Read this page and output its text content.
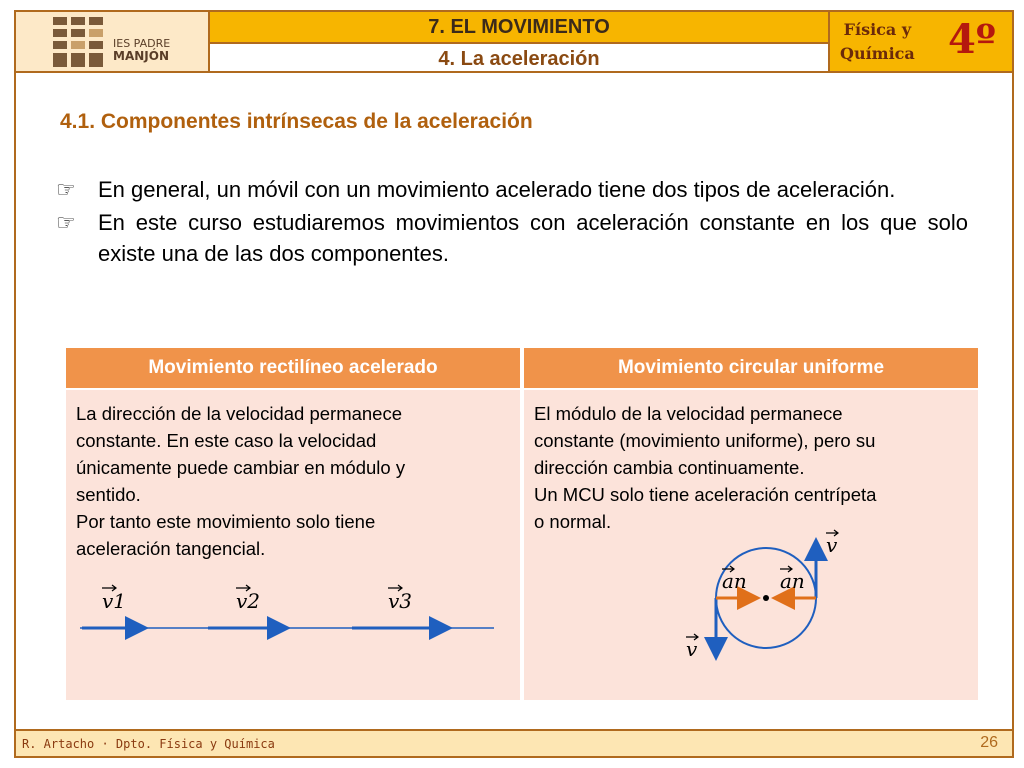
IES PADRE
MANJÓN
7. EL MOVIMIENTO
4. La aceleración
Física y
Química 4º
4.1. Componentes intrínsecas de la aceleración
☞ En general, un móvil con un movimiento acelerado tiene dos tipos de aceleración.
☞ En este curso estudiaremos movimientos con aceleración constante en los que solo existe una de las dos componentes.
Movimiento rectilíneo acelerado	Movimiento circular uniforme
La dirección de la velocidad permanece
constante. En este caso la velocidad
únicamente puede cambiar en módulo y
sentido.
Por tanto este movimiento solo tiene
aceleración tangencial.
v1	v2	v3
El módulo de la velocidad permanece
constante (movimiento uniforme), pero su
dirección cambia continuamente.
Un MCU solo tiene aceleración centrípeta
o normal.
v
an an
v
R. Artacho · Dpto. Física y Química	26
